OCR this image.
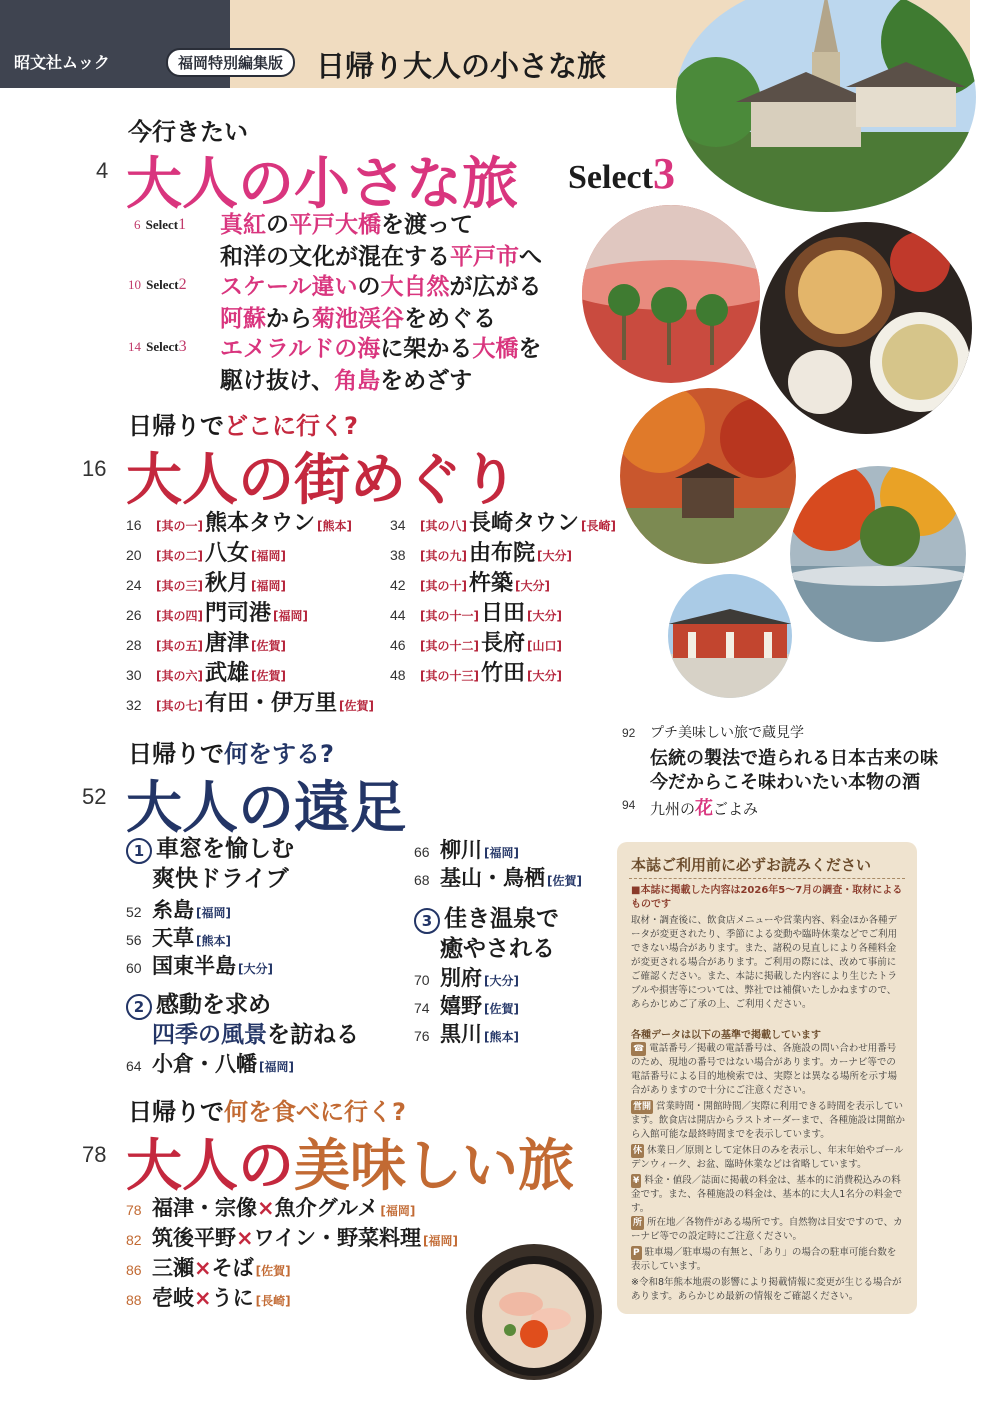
昭文社ムック	福岡特別編集版	日帰り大人の小さな旅
今行きたい
4 大人の小さな旅 Select3
6 Select1 真紅の平戸大橋を渡って
和洋の文化が混在する平戸市へ
10 Select2 スケール違いの大自然が広がる
阿蘇から菊池渓谷をめぐる
14 Select3 エメラルドの海に架かる大橋を
駆け抜け、角島をめざす
日帰りでどこに行く?
16 大人の街めぐり
16	[其の一] 熊本タウン [熊本]
20	[其の二] 八女 [福岡]
24	[其の三] 秋月 [福岡]
26	[其の四] 門司港 [福岡]
28	[其の五] 唐津 [佐賀]
30	[其の六] 武雄 [佐賀]
32	[其の七] 有田・伊万里 [佐賀]
34	[其の八] 長崎タウン [長崎]
38	[其の九] 由布院 [大分]
42	[其の十] 杵築 [大分]
44	[其の十一] 日田 [大分]
46	[其の十二] 長府 [山口]
48	[其の十三] 竹田 [大分]
92 プチ美味しい旅で蔵見学
伝統の製法で造られる日本古来の味
今だからこそ味わいたい本物の酒
94 九州の花ごよみ
日帰りで何をする?
52 大人の遠足
1 車窓を愉しむ
爽快ドライブ
52 糸島 [福岡]
56 天草 [熊本]
60 国東半島 [大分]
2 感動を求め
四季の風景を訪ねる
64 小倉・八幡 [福岡]
66 柳川 [福岡]
68 基山・鳥栖 [佐賀]
3 佳き温泉で
癒やされる
70 別府 [大分]
74 嬉野 [佐賀]
76 黒川 [熊本]
日帰りで何を食べに行く?
78 大人の美味しい旅
78 福津・宗像 × 魚介グルメ [福岡]
82 筑後平野 × ワイン・野菜料理 [福岡]
86 三瀬 × そば [佐賀]
88 壱岐 × うに [長崎]
本誌ご利用前に必ずお読みください
■本誌に掲載した内容は2026年5～7月の調査・取材によるものです
取材・調査後に、飲食店メニューや営業内容、料金ほか各種データが変更されたり、季節による変動や臨時休業などでご利用できない場合があります。また、諸税の見直しにより各種料金が変更される場合があります。ご利用の際には、改めて事前にご確認ください。また、本誌に掲載した内容により生じたトラブルや損害等については、弊社では補償いたしかねますので、あらかじめご了承の上、ご利用ください。
各種データは以下の基準で掲載しています
☎ 電話番号／掲載の電話番号は、各施設の問い合わせ用番号のため、現地の番号ではない場合があります。カーナビ等での電話番号による目的地検索では、実際とは異なる場所を示す場合がありますので十分にご注意ください。
営開 営業時間・開館時間／実際に利用できる時間を表示しています。飲食店は開店からラストオーダーまで、各種施設は開館から入館可能な最終時間までを表示しています。
休 休業日／原則として定休日のみを表示し、年末年始やゴールデンウィーク、お盆、臨時休業などは省略しています。
¥ 料金・値段／誌面に掲載の料金は、基本的に消費税込みの料金です。また、各種施設の料金は、基本的に大人1名分の料金です。
所 所在地／各物件がある場所です。自然物は目安ですので、カーナビ等での設定時にご注意ください。
P 駐車場／駐車場の有無と、「あり」の場合の駐車可能台数を表示しています。
※令和8年熊本地震の影響により掲載情報に変更が生じる場合があります。あらかじめ最新の情報をご確認ください。
